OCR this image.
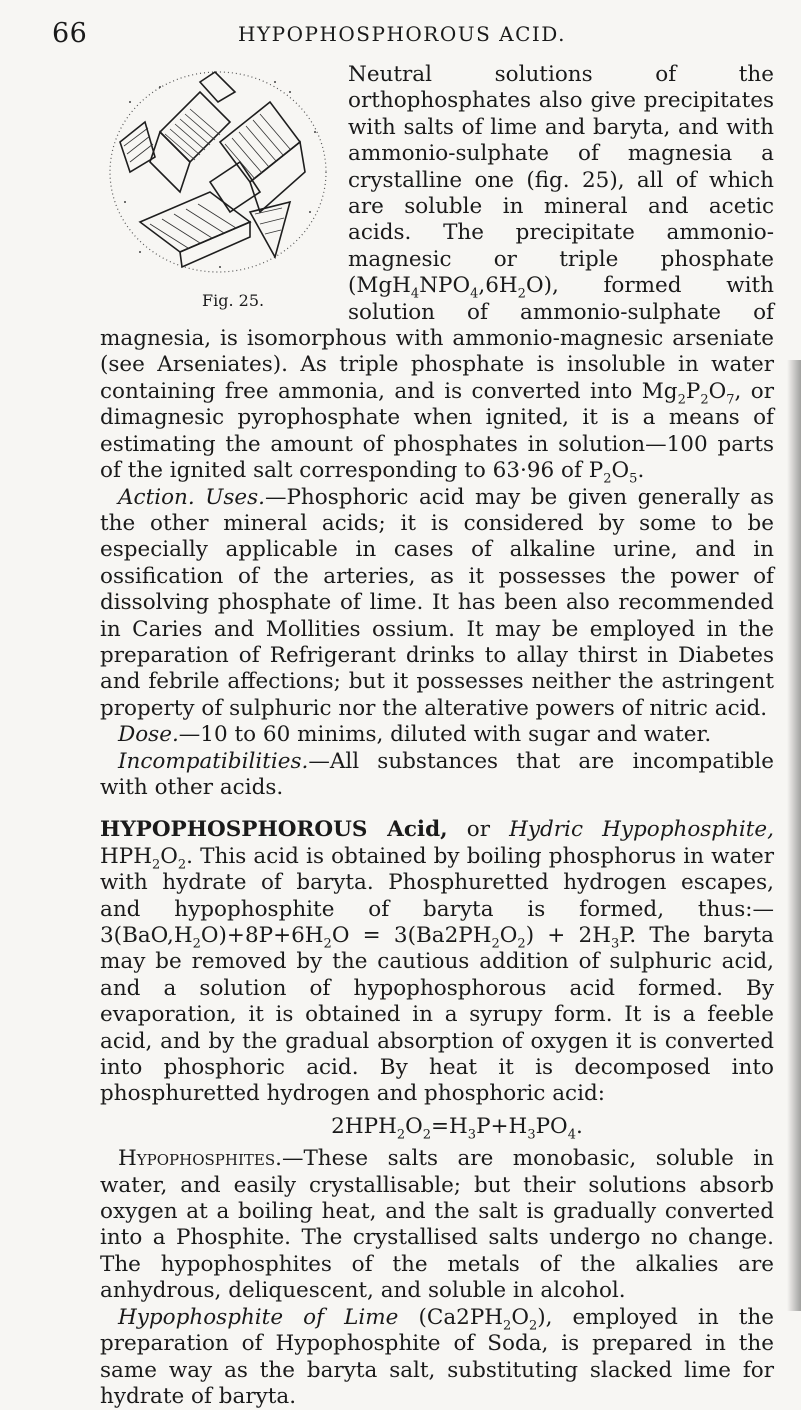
66	HYPOPHOSPHOROUS ACID.
Fig. 25.

Neutral solutions of the orthophosphates also give precipitates with salts of lime and baryta, and with ammonio-sulphate of magnesia a crystalline one (fig. 25), all of which are soluble in mineral and acetic acids. The precipitate ammonio-magnesic or triple phosphate $(MgH_4NPO_4,6H_2O)$, formed with solution of ammonio-sulphate of magnesia, is isomorphous with ammonio-magnesic arseniate (see Arseniates). As triple phosphate is insoluble in water containing free ammonia, and is converted into $Mg_2P_2O_7$, or dimagnesic pyrophosphate when ignited, it is a means of estimating the amount of phosphates in solution—100 parts of the ignited salt corresponding to 63·96 of $P_2O_5$.

Action. Uses.—Phosphoric acid may be given generally as the other mineral acids; it is considered by some to be especially applicable in cases of alkaline urine, and in ossification of the arteries, as it possesses the power of dissolving phosphate of lime. It has been also recommended in Caries and Mollities ossium. It may be employed in the preparation of Refrigerant drinks to allay thirst in Diabetes and febrile affections; but it possesses neither the astringent property of sulphuric nor the alterative powers of nitric acid.

Dose.—10 to 60 minims, diluted with sugar and water.

Incompatibilities.—All substances that are incompatible with other acids.

HYPOPHOSPHOROUS Acid, or Hydric Hypophosphite, $HPH_2O_2$. This acid is obtained by boiling phosphorus in water with hydrate of baryta. Phosphuretted hydrogen escapes, and hypophosphite of baryta is formed, $thus:—3(BaO,H_2O)+8P+6H_2O = 3(Ba2PH_2O_2) + 2H_3P$. The baryta may be removed by the cautious addition of sulphuric acid, and a solution of hypophosphorous acid formed. By evaporation, it is obtained in a syrupy form. It is a feeble acid, and by the gradual absorption of oxygen it is converted into phosphoric acid. By heat it is decomposed into phosphuretted hydrogen and phosphoric acid:

$2HPH_2O_2=H_3P+H_3PO_4$.

Hypophosphites.—These salts are monobasic, soluble in water, and easily crystallisable; but their solutions absorb oxygen at a boiling heat, and the salt is gradually converted into a Phosphite. The crystallised salts undergo no change. The hypophosphites of the metals of the alkalies are anhydrous, deliquescent, and soluble in alcohol.

Hypophosphite of Lime $(Ca2PH_2O_2)$, employed in the preparation of Hypophosphite of Soda, is prepared in the same way as the baryta salt, substituting slacked lime for hydrate of baryta.
